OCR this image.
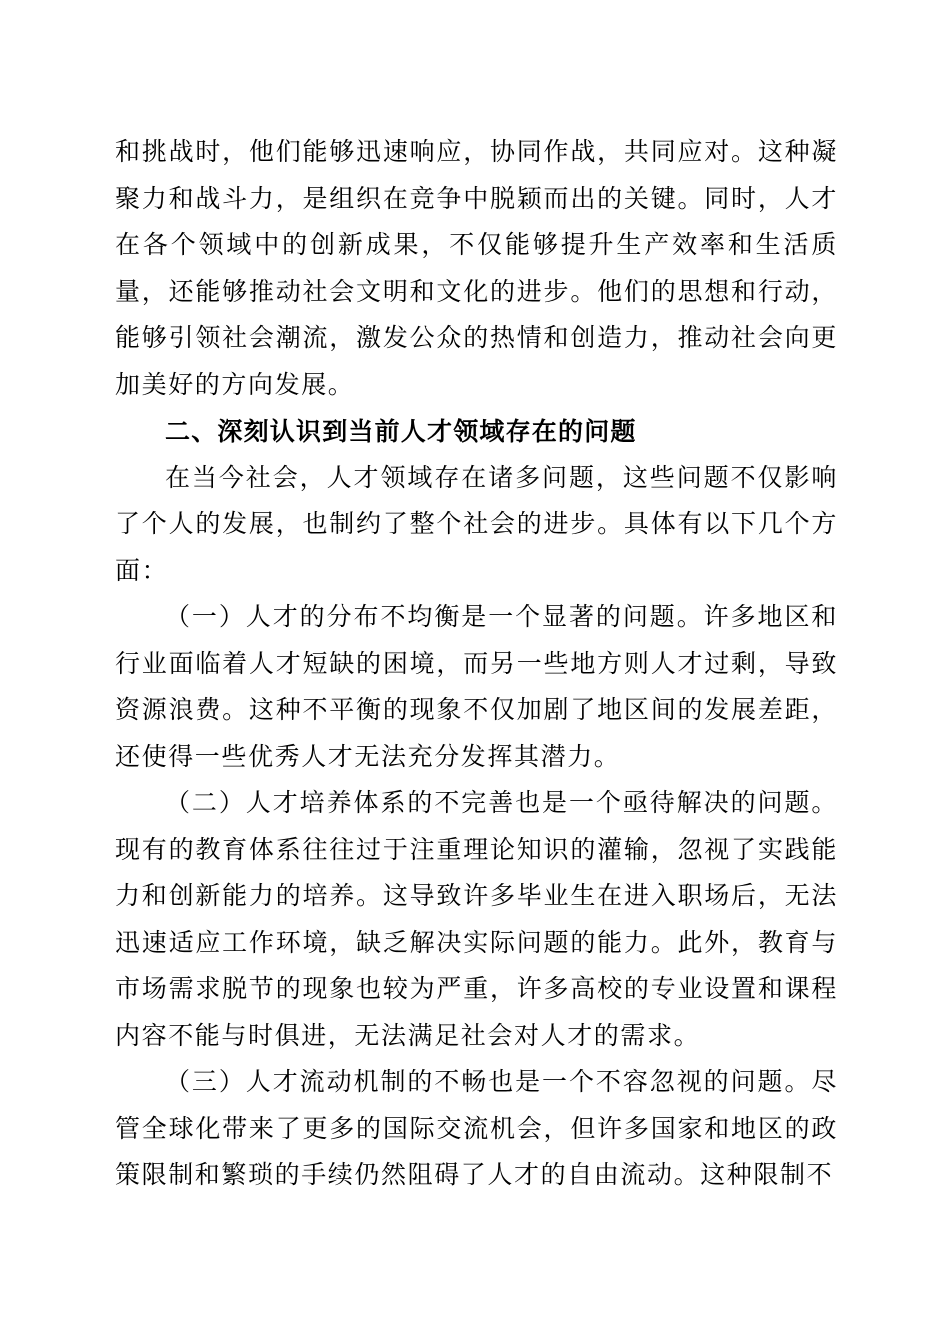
和挑战时，他们能够迅速响应，协同作战，共同应对。这种凝聚力和战斗力，是组织在竞争中脱颖而出的关键。同时，人才在各个领域中的创新成果，不仅能够提升生产效率和生活质量，还能够推动社会文明和文化的进步。他们的思想和行动，能够引领社会潮流，激发公众的热情和创造力，推动社会向更加美好的方向发展。

二、深刻认识到当前人才领域存在的问题

在当今社会，人才领域存在诸多问题，这些问题不仅影响了个人的发展，也制约了整个社会的进步。具体有以下几个方面：

（一）人才的分布不均衡是一个显著的问题。许多地区和行业面临着人才短缺的困境，而另一些地方则人才过剩，导致资源浪费。这种不平衡的现象不仅加剧了地区间的发展差距，还使得一些优秀人才无法充分发挥其潜力。

（二）人才培养体系的不完善也是一个亟待解决的问题。现有的教育体系往往过于注重理论知识的灌输，忽视了实践能力和创新能力的培养。这导致许多毕业生在进入职场后，无法迅速适应工作环境，缺乏解决实际问题的能力。此外，教育与市场需求脱节的现象也较为严重，许多高校的专业设置和课程内容不能与时俱进，无法满足社会对人才的需求。

（三）人才流动机制的不畅也是一个不容忽视的问题。尽管全球化带来了更多的国际交流机会，但许多国家和地区的政策限制和繁琐的手续仍然阻碍了人才的自由流动。这种限制不
